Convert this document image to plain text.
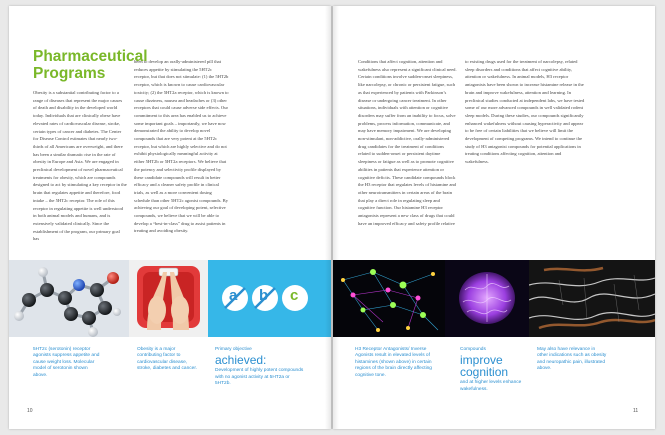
Pharmaceutical Programs

Obesity is a substantial contributing factor to a range of diseases that represent the major causes of death and disability in the developed world today. Individuals that are clinically obese have elevated rates of cardiovascular disease, stroke, certain types of cancer and diabetes. The Center for Disease Control estimates that nearly two-thirds of all Americans are overweight, and there has been a similar dramatic rise in the rate of obesity in Europe and Asia. We are engaged in preclinical development of novel pharmaceutical treatments for obesity, which are compounds designed to act by stimulating a key receptor in the brain that regulates appetite and therefore, food intake – the 5HT2c receptor. The role of this receptor in regulating appetite is well understood in both animal models and humans, and is extensively validated clinically. Since the establishment of the program, our primary goal has

been to develop an orally-administered pill that reduces appetite by stimulating the 5HT2c receptor, but that does not stimulate: (1) the 5HT2b receptor, which is known to cause cardiovascular toxicity; (2) the 5HT2a receptor, which is known to cause dizziness, nausea and headaches or (3) other receptors that could cause adverse side effects. Our commitment to this area has enabled us to achieve some important goals – importantly, we have now demonstrated the ability to develop novel compounds that are very potent at the 5HT2c receptor, but which are highly selective and do not exhibit physiologically meaningful activity at either 5HT2b or 5HT2a receptors. We believe that the potency and selectivity profile displayed by these candidate compounds will result in better efficacy and a cleaner safety profile in clinical trials, as well as a more convenient dosing schedule than other 5HT2c agonist compounds. By achieving our goal of developing potent, selective compounds, we believe that we will be able to develop a “best-in-class” drug to assist patients in treating and avoiding obesity.

a b c
5HT2c (serotonin) receptor agonists suppress appetite and cause weight loss. Molecular model of serotonin shown above.
Obesity is a major contributing factor to cardiovascular disease, stroke, diabetes and cancer.
Primary objective
achieved:
Development of highly potent compounds with no agonist activity at 5HT2a or 5HT2b.
10

Conditions that affect cognition, attention and wakefulness also represent a significant clinical need. Certain conditions involve sudden-onset sleepiness, like narcolepsy, or chronic or persistent fatigue, such as that experienced by patients with Parkinson’s disease or undergoing cancer treatment. In other situations, individuals with attention or cognitive disorders may suffer from an inability to focus, solve problems, process information, communicate, and may have memory impairment. We are developing non-stimulant, non-addictive, orally-administered drug candidates for the treatment of conditions related to sudden-onset or persistent daytime sleepiness or fatigue as well as to promote cognitive abilities in patients that experience attention or cognitive deficits. These candidate compounds block the H3 receptor that regulates levels of histamine and other neurotransmitters in certain areas of the brain that play a direct role in regulating sleep and cognitive function. Our histamine H3 receptor antagonists represent a new class of drugs that could have an improved efficacy and safety profile relative

to existing drugs used for the treatment of narcolepsy, related sleep disorders and conditions that affect cognitive ability, attention or wakefulness. In animal models, H3 receptor antagonists have been shown to increase histamine release in the brain and improve wakefulness, attention and learning. In preclinical studies conducted at independent labs, we have tested some of our more advanced compounds in well validated rodent sleep models. During these studies, our compounds significantly enhanced wakefulness without causing hyperactivity and appear to be free of certain liabilities that we believe will limit the development of competing programs. We intend to continue the study of H3 antagonist compounds for potential applications in treating conditions affecting cognition, attention and wakefulness.

H3 Receptor Antagonists/ Inverse Agonists result in elevated levels of histamines (shown above) in certain regions of the brain directly affecting cognitive tone.
Compounds
improve cognition
and at higher levels enhance wakefulness.
May also have relevance in other indications such as obesity and neuropathic pain, illustrated above.
11
